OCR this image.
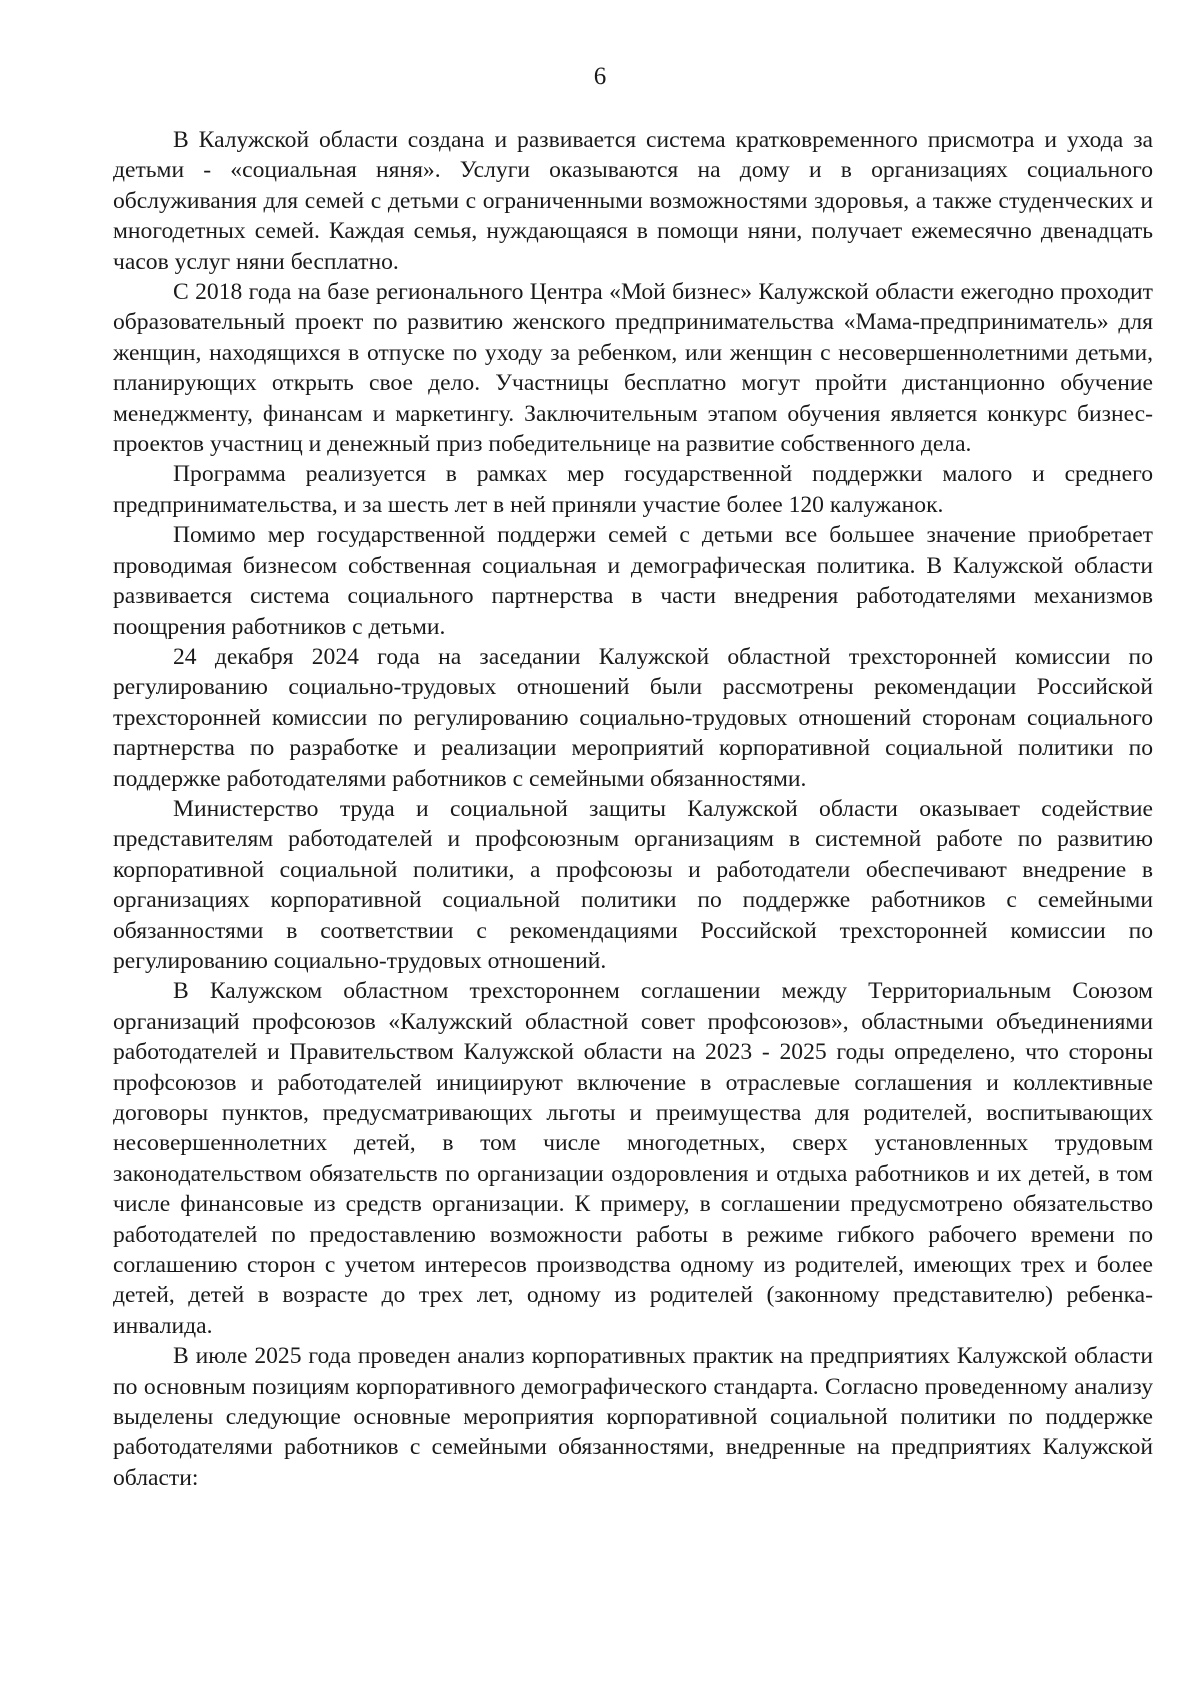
6

В Калужской области создана и развивается система кратковременного присмотра и ухода за детьми - «социальная няня». Услуги оказываются на дому и в организациях социального обслуживания для семей с детьми с ограниченными возможностями здоровья, а также студенческих и многодетных семей. Каждая семья, нуждающаяся в помощи няни, получает ежемесячно двенадцать часов услуг няни бесплатно.

С 2018 года на базе регионального Центра «Мой бизнес» Калужской области ежегодно проходит образовательный проект по развитию женского предпринимательства «Мама-предприниматель» для женщин, находящихся в отпуске по уходу за ребенком, или женщин с несовершеннолетними детьми, планирующих открыть свое дело. Участницы бесплатно могут пройти дистанционно обучение менеджменту, финансам и маркетингу. Заключительным этапом обучения является конкурс бизнес-проектов участниц и денежный приз победительнице на развитие собственного дела.

Программа реализуется в рамках мер государственной поддержки малого и среднего предпринимательства, и за шесть лет в ней приняли участие более 120 калужанок.

Помимо мер государственной поддержи семей с детьми все большее значение приобретает проводимая бизнесом собственная социальная и демографическая политика. В Калужской области развивается система социального партнерства в части внедрения работодателями механизмов поощрения работников с детьми.

24 декабря 2024 года на заседании Калужской областной трехсторонней комиссии по регулированию социально-трудовых отношений были рассмотрены рекомендации Российской трехсторонней комиссии по регулированию социально-трудовых отношений сторонам социального партнерства по разработке и реализации мероприятий корпоративной социальной политики по поддержке работодателями работников с семейными обязанностями.

Министерство труда и социальной защиты Калужской области оказывает содействие представителям работодателей и профсоюзным организациям в системной работе по развитию корпоративной социальной политики, а профсоюзы и работодатели обеспечивают внедрение в организациях корпоративной социальной политики по поддержке работников с семейными обязанностями в соответствии с рекомендациями Российской трехсторонней комиссии по регулированию социально-трудовых отношений.

В Калужском областном трехстороннем соглашении между Территориальным Союзом организаций профсоюзов «Калужский областной совет профсоюзов», областными объединениями работодателей и Правительством Калужской области на 2023 - 2025 годы определено, что стороны профсоюзов и работодателей инициируют включение в отраслевые соглашения и коллективные договоры пунктов, предусматривающих льготы и преимущества для родителей, воспитывающих несовершеннолетних детей, в том числе многодетных, сверх установленных трудовым законодательством обязательств по организации оздоровления и отдыха работников и их детей, в том числе финансовые из средств организации. К примеру, в соглашении предусмотрено обязательство работодателей по предоставлению возможности работы в режиме гибкого рабочего времени по соглашению сторон с учетом интересов производства одному из родителей, имеющих трех и более детей, детей в возрасте до трех лет, одному из родителей (законному представителю) ребенка-инвалида.

В июле 2025 года проведен анализ корпоративных практик на предприятиях Калужской области по основным позициям корпоративного демографического стандарта. Согласно проведенному анализу выделены следующие основные мероприятия корпоративной социальной политики по поддержке работодателями работников с семейными обязанностями, внедренные на предприятиях Калужской области:
